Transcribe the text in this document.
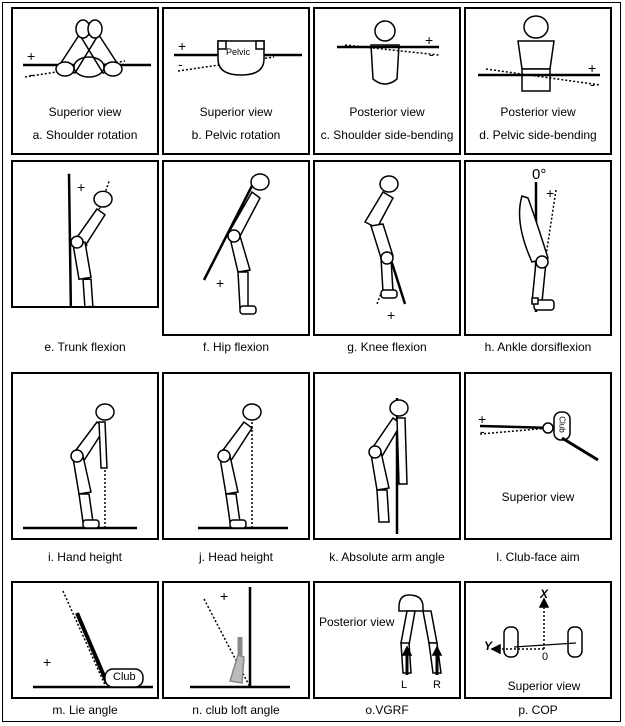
+
-
Superior view
a. Shoulder rotation
Pelvic
+
-
Superior view
b. Pelvic rotation
+
-
Posterior view
c. Shoulder side-bending
+
-
Posterior view
d. Pelvic side-bending
+
e. Trunk flexion
+
f. Hip flexion
+
g. Knee flexion
0°
+
h. Ankle dorsiflexion
i. Hand height	j. Head height
+
k. Absolute arm angle
+
-	Club
Superior view
l. Club-face aim
Club
+
m. Lie angle
+
n. club loft angle
Posterior view
L R
o.VGRF
X
Y
0
Superior view
p. COP
